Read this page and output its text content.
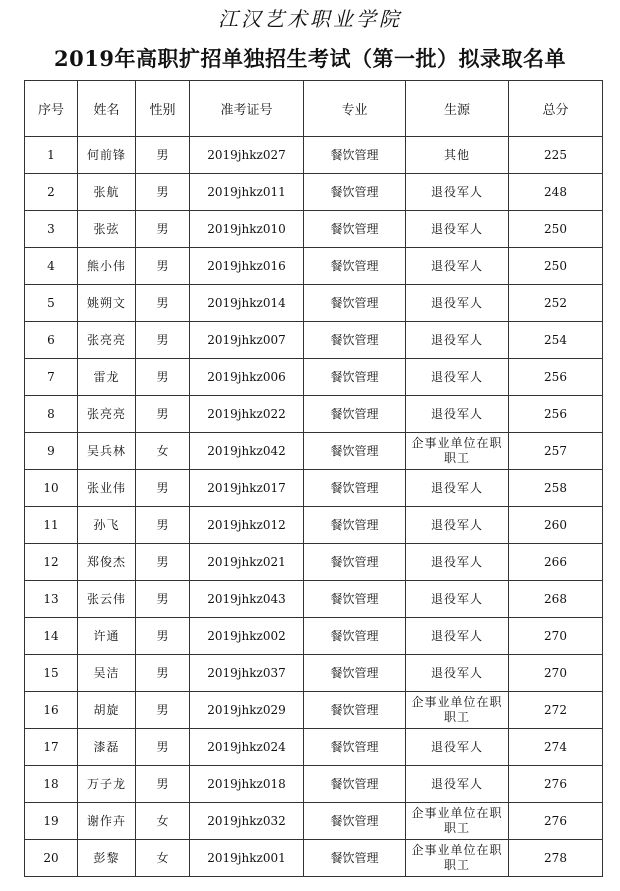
江汉艺术职业学院
2019年高职扩招单独招生考试（第一批）拟录取名单
序号	姓名	性别	准考证号	专业	生源	总分
1	何前锋	男	2019jhkz027	餐饮管理	其他	225
2	张航	男	2019jhkz011	餐饮管理	退役军人	248
3	张弦	男	2019jhkz010	餐饮管理	退役军人	250
4	熊小伟	男	2019jhkz016	餐饮管理	退役军人	250
5	姚朔文	男	2019jhkz014	餐饮管理	退役军人	252
6	张亮亮	男	2019jhkz007	餐饮管理	退役军人	254
7	雷龙	男	2019jhkz006	餐饮管理	退役军人	256
8	张亮亮	男	2019jhkz022	餐饮管理	退役军人	256
9	吴兵林	女	2019jhkz042	餐饮管理	企事业单位在职职工	257
10	张业伟	男	2019jhkz017	餐饮管理	退役军人	258
11	孙飞	男	2019jhkz012	餐饮管理	退役军人	260
12	郑俊杰	男	2019jhkz021	餐饮管理	退役军人	266
13	张云伟	男	2019jhkz043	餐饮管理	退役军人	268
14	许通	男	2019jhkz002	餐饮管理	退役军人	270
15	吴洁	男	2019jhkz037	餐饮管理	退役军人	270
16	胡旋	男	2019jhkz029	餐饮管理	企事业单位在职职工	272
17	漆磊	男	2019jhkz024	餐饮管理	退役军人	274
18	万子龙	男	2019jhkz018	餐饮管理	退役军人	276
19	谢作卉	女	2019jhkz032	餐饮管理	企事业单位在职职工	276
20	彭黎	女	2019jhkz001	餐饮管理	企事业单位在职职工	278
